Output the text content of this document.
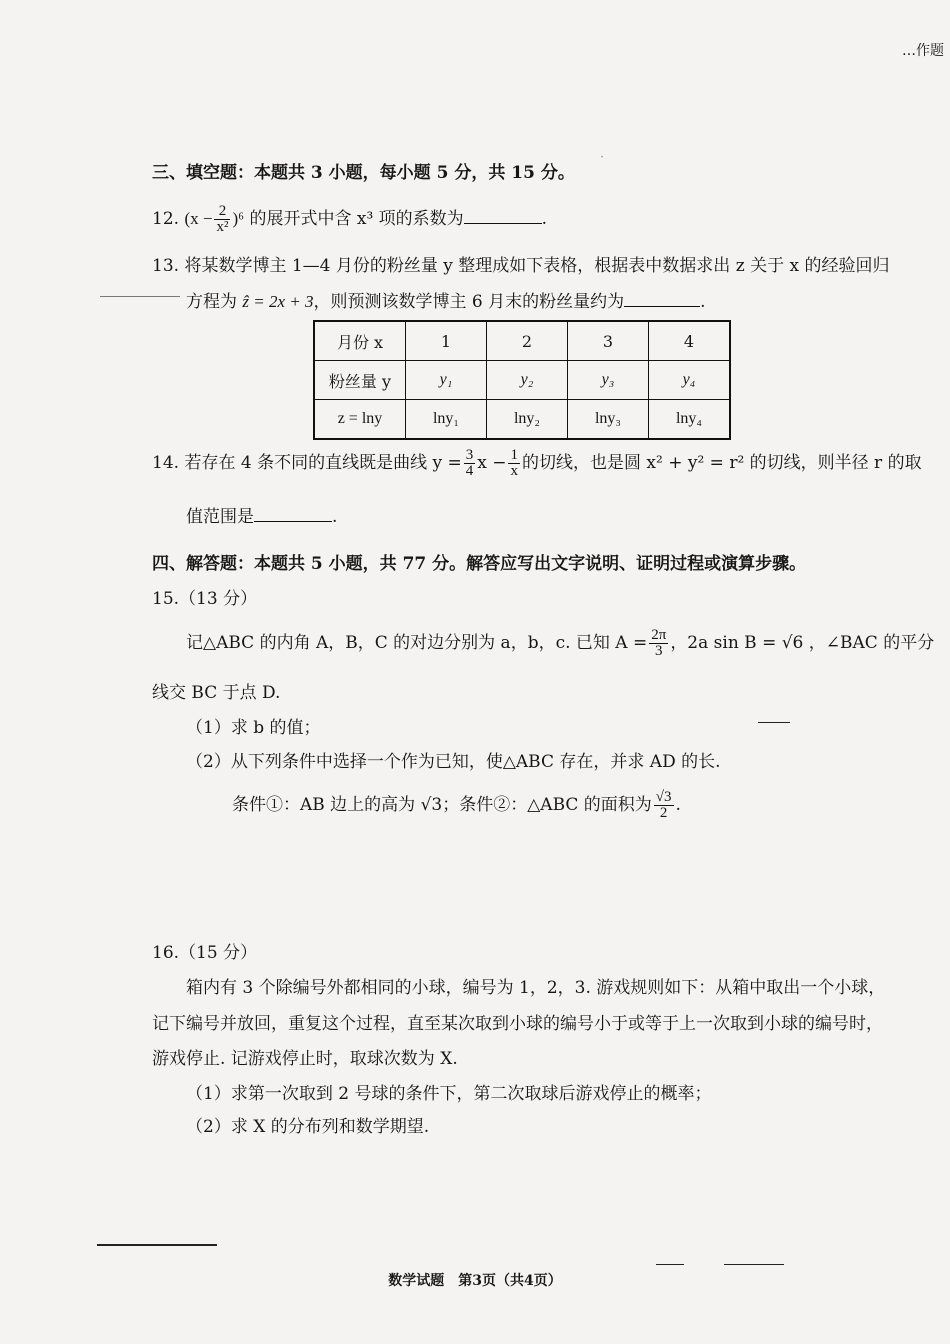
…作题
·
三、填空题：本题共 3 小题，每小题 5 分，共 15 分。
12. $(x - \frac{2}{\text{x²}} )^6$ 的展开式中含 x³ 项的系数为	.
13. 将某数学博主 1—4 月份的粉丝量 y 整理成如下表格，根据表中数据求出 z 关于 x 的经验回归
方程为 ẑ = 2x + 3，则预测该数学博主 6 月末的粉丝量约为	.
月份 x	1	2	3	4
粉丝量 y	y₁	y₂	y₃	y₄
z = lny	lny₁	lny₂	lny₃	lny₄
14. 若存在 4 条不同的直线既是曲线 $y = \frac{3}{4}$ $x - \frac{1}{x}$ 的切线，也是圆 x² + y² = r² 的切线，则半径 r 的取
值范围是	.
四、解答题：本题共 5 小题，共 77 分。解答应写出文字说明、证明过程或演算步骤。
15.（13 分）
记△ABC 的内角 A，B，C 的对边分别为 a，b，c. 已知 $A = \frac{2\pi}{3}$ ，2a sin B = √6 ，∠BAC 的平分
线交 BC 于点 D.
（1）求 b 的值；
（2）从下列条件中选择一个作为已知，使△ABC 存在，并求 AD 的长.
条件①：AB 边上的高为 √3；条件②：△ABC 的面积为 $\frac{√3}{2}$ .
16.（15 分）
箱内有 3 个除编号外都相同的小球，编号为 1，2，3. 游戏规则如下：从箱中取出一个小球，
记下编号并放回，重复这个过程，直至某次取到小球的编号小于或等于上一次取到小球的编号时，
游戏停止. 记游戏停止时，取球次数为 X.
（1）求第一次取到 2 号球的条件下，第二次取球后游戏停止的概率；
（2）求 X 的分布列和数学期望.
数学试题　第3页（共4页）
